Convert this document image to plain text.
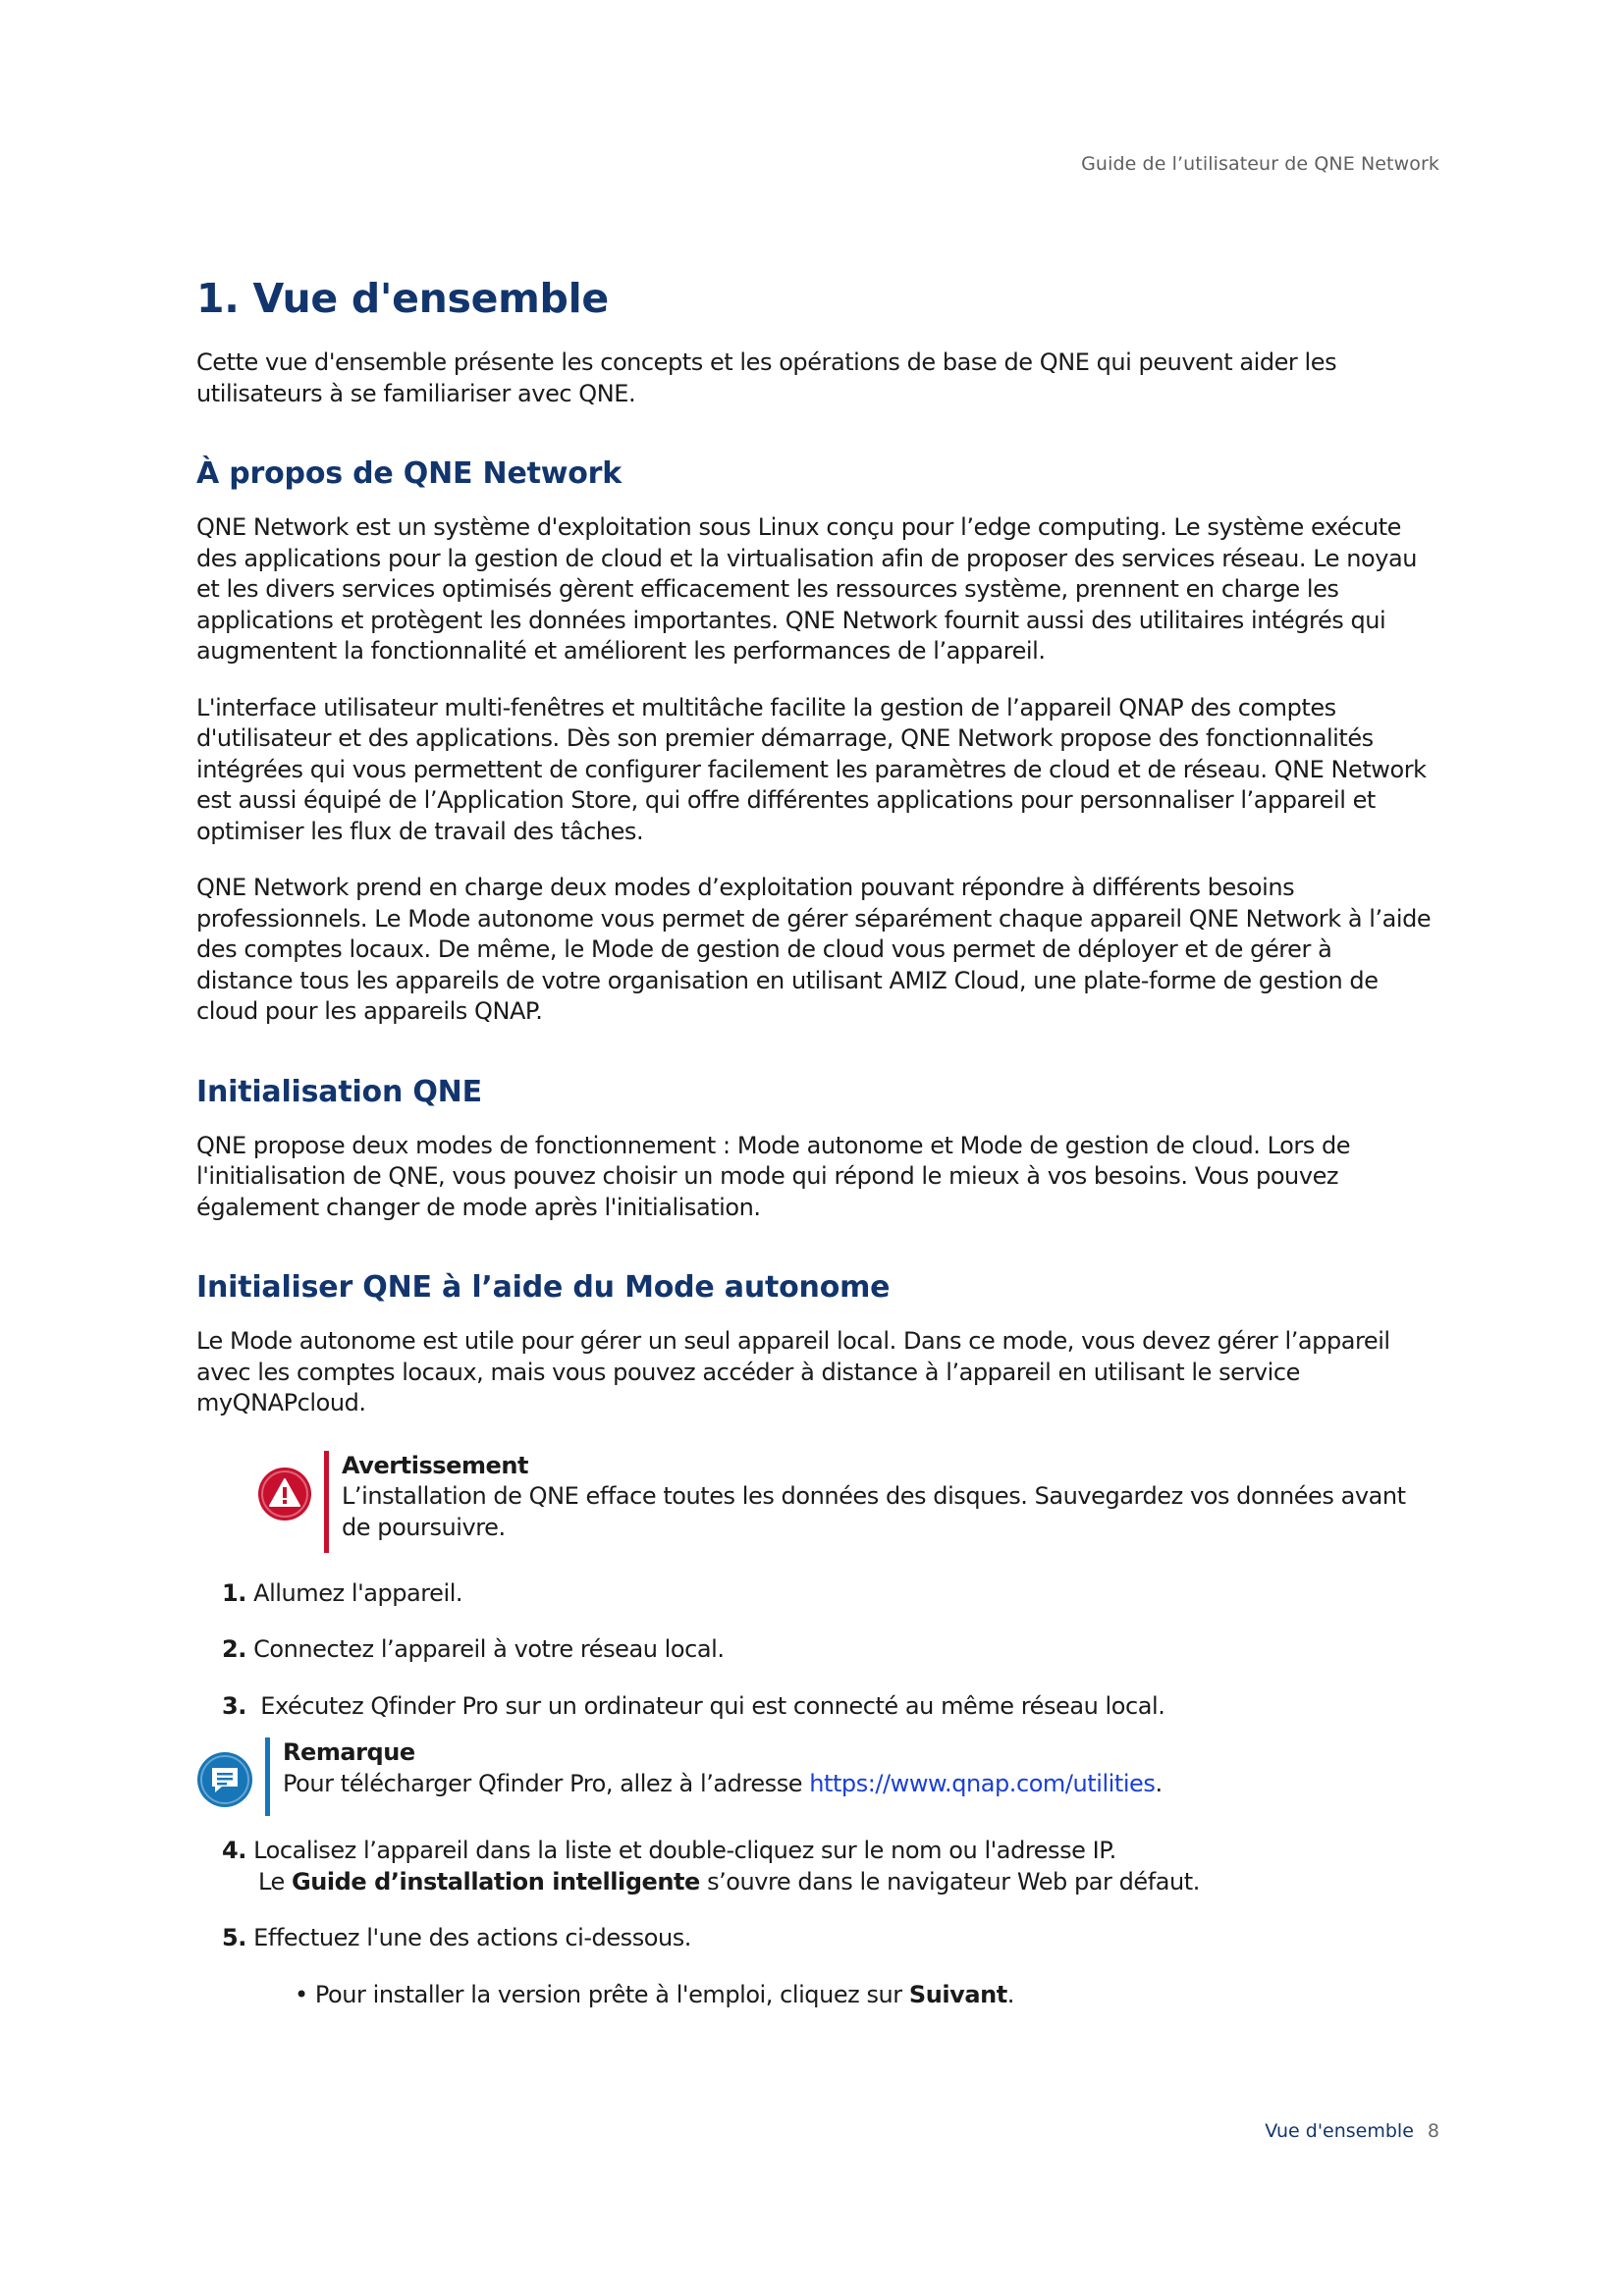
Guide de l’utilisateur de QNE Network
1. Vue d'ensemble

Cette vue d'ensemble présente les concepts et les opérations de base de QNE qui peuvent aider les utilisateurs à se familiariser avec QNE.

À propos de QNE Network

QNE Network est un système d'exploitation sous Linux conçu pour l’edge computing. Le système exécute des applications pour la gestion de cloud et la virtualisation afin de proposer des services réseau. Le noyau et les divers services optimisés gèrent efficacement les ressources système, prennent en charge les applications et protègent les données importantes. QNE Network fournit aussi des utilitaires intégrés qui augmentent la fonctionnalité et améliorent les performances de l’appareil.

L'interface utilisateur multi-fenêtres et multitâche facilite la gestion de l’appareil QNAP des comptes d'utilisateur et des applications. Dès son premier démarrage, QNE Network propose des fonctionnalités intégrées qui vous permettent de configurer facilement les paramètres de cloud et de réseau. QNE Network est aussi équipé de l’Application Store, qui offre différentes applications pour personnaliser l’appareil et optimiser les flux de travail des tâches.

QNE Network prend en charge deux modes d’exploitation pouvant répondre à différents besoins professionnels. Le Mode autonome vous permet de gérer séparément chaque appareil QNE Network à l’aide des comptes locaux. De même, le Mode de gestion de cloud vous permet de déployer et de gérer à distance tous les appareils de votre organisation en utilisant AMIZ Cloud, une plate-forme de gestion de cloud pour les appareils QNAP.

Initialisation QNE

QNE propose deux modes de fonctionnement : Mode autonome et Mode de gestion de cloud. Lors de l'initialisation de QNE, vous pouvez choisir un mode qui répond le mieux à vos besoins. Vous pouvez également changer de mode après l'initialisation.

Initialiser QNE à l’aide du Mode autonome

Le Mode autonome est utile pour gérer un seul appareil local. Dans ce mode, vous devez gérer l’appareil avec les comptes locaux, mais vous pouvez accéder à distance à l’appareil en utilisant le service myQNAPcloud.

Avertissement
L’installation de QNE efface toutes les données des disques. Sauvegardez vos données avant de poursuivre.
1. Allumez l'appareil.
2. Connectez l’appareil à votre réseau local.
3. Exécutez Qfinder Pro sur un ordinateur qui est connecté au même réseau local.
Remarque
Pour télécharger Qfinder Pro, allez à l’adresse https://www.qnap.com/utilities.
4. Localisez l’appareil dans la liste et double-cliquez sur le nom ou l'adresse IP.
Le Guide d’installation intelligente s’ouvre dans le navigateur Web par défaut.
5. Effectuez l'une des actions ci-dessous.
• Pour installer la version prête à l'emploi, cliquez sur Suivant.
Vue d'ensemble 8
